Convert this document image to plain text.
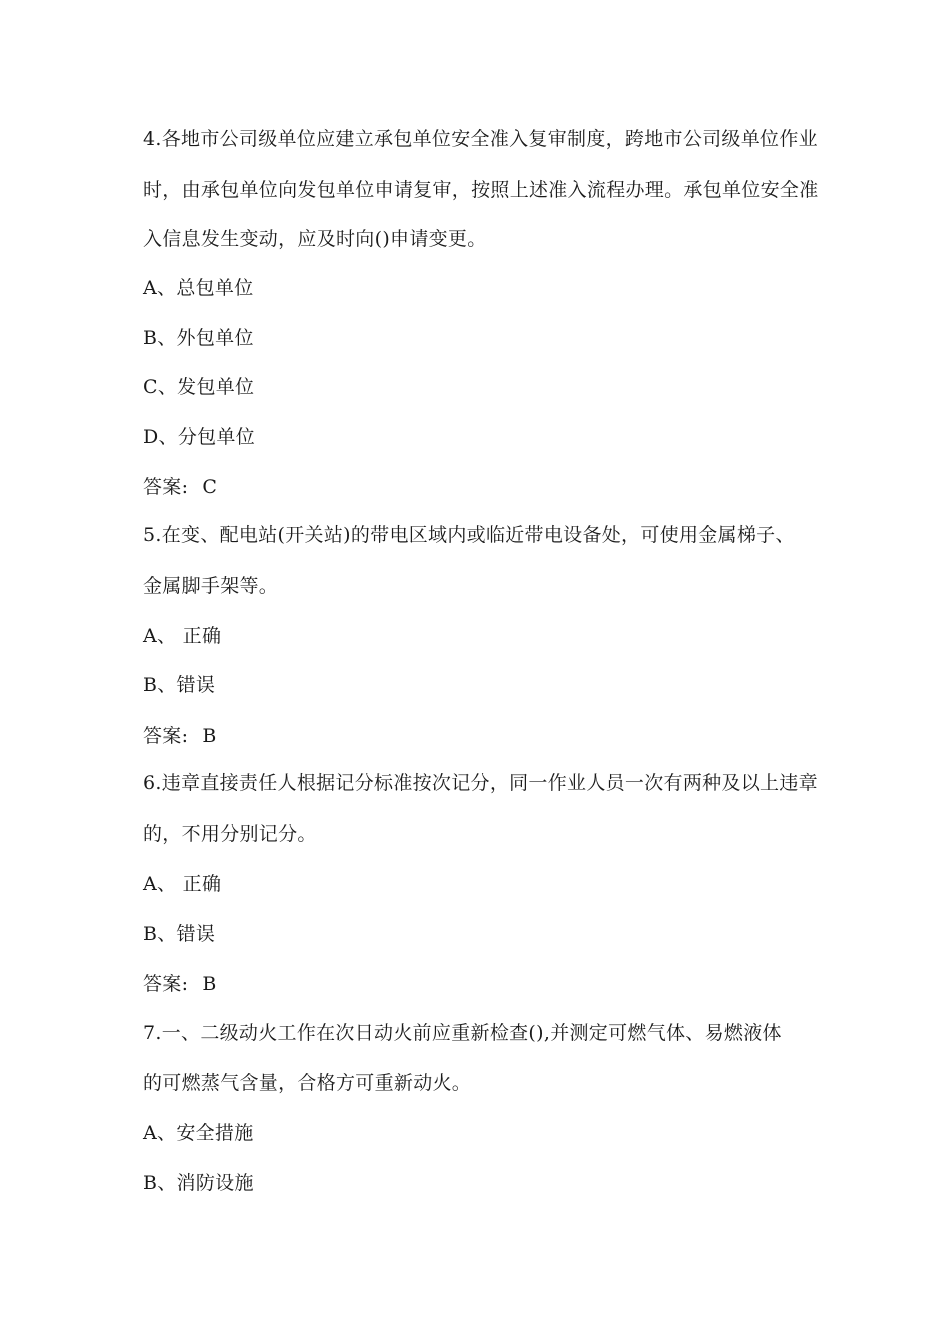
4.各地市公司级单位应建立承包单位安全准入复审制度，跨地市公司级单位作业
时，由承包单位向发包单位申请复审，按照上述准入流程办理。承包单位安全准
入信息发生变动，应及时向()申请变更。
A、总包单位
B、外包单位
C、发包单位
D、分包单位
答案: C
5.在变、配电站(开关站)的带电区域内或临近带电设备处，可使用金属梯子、
金属脚手架等。
A、 正确
B、错误
答案: B
6.违章直接责任人根据记分标准按次记分，同一作业人员一次有两种及以上违章
的，不用分别记分。
A、 正确
B、错误
答案: B
7.一、二级动火工作在次日动火前应重新检查(),并测定可燃气体、易燃液体
的可燃蒸气含量，合格方可重新动火。
A、安全措施
B、消防设施
